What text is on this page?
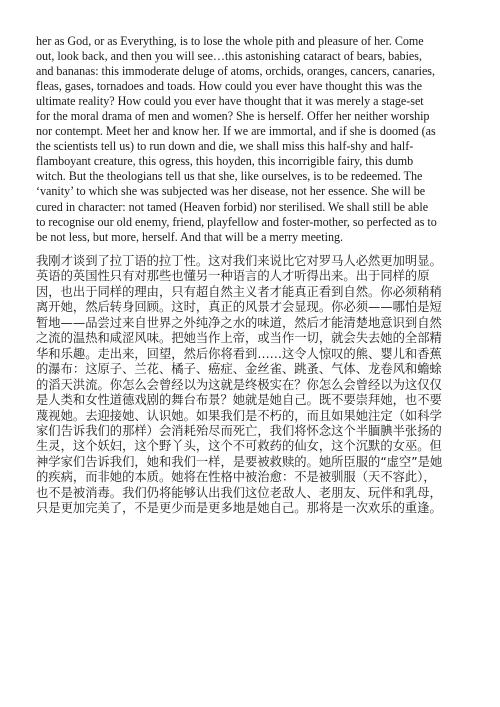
her as God, or as Everything, is to lose the whole pith and pleasure of her. Come
out, look back, and then you will see…this astonishing cataract of bears, babies,
and bananas: this immoderate deluge of atoms, orchids, oranges, cancers, canaries,
fleas, gases, tornadoes and toads. How could you ever have thought this was the
ultimate reality? How could you ever have thought that it was merely a stage-set
for the moral drama of men and women? She is herself. Offer her neither worship
nor contempt. Meet her and know her. If we are immortal, and if she is doomed (as
the scientists tell us) to run down and die, we shall miss this half-shy and half-
flamboyant creature, this ogress, this hoyden, this incorrigible fairy, this dumb
witch. But the theologians tell us that she, like ourselves, is to be redeemed. The
‘vanity’ to which she was subjected was her disease, not her essence. She will be
cured in character: not tamed (Heaven forbid) nor sterilised. We shall still be able
to recognise our old enemy, friend, playfellow and foster-mother, so perfected as to
be not less, but more, herself. And that will be a merry meeting.
我刚才谈到了拉丁语的拉丁性。这对我们来说比它对罗马人必然更加明显。
英语的英国性只有对那些也懂另一种语言的人才听得出来。出于同样的原
因，也出于同样的理由，只有超自然主义者才能真正看到自然。你必须稍稍
离开她，然后转身回顾。这时，真正的风景才会显现。你必须——哪怕是短
暂地——品尝过来自世界之外纯净之水的味道，然后才能清楚地意识到自然
之流的温热和咸涩风味。把她当作上帝，或当作一切，就会失去她的全部精
华和乐趣。走出来，回望，然后你将看到……这令人惊叹的熊、婴儿和香蕉
的瀑布：这原子、兰花、橘子、癌症、金丝雀、跳蚤、气体、龙卷风和蟾蜍
的滔天洪流。你怎么会曾经以为这就是终极实在？你怎么会曾经以为这仅仅
是人类和女性道德戏剧的舞台布景？她就是她自己。既不要崇拜她，也不要
蔑视她。去迎接她、认识她。如果我们是不朽的，而且如果她注定（如科学
家们告诉我们的那样）会消耗殆尽而死亡，我们将怀念这个半腼腆半张扬的
生灵，这个妖妇，这个野丫头，这个不可救药的仙女，这个沉默的女巫。但
神学家们告诉我们，她和我们一样，是要被救赎的。她所臣服的“虚空”是她
的疾病，而非她的本质。她将在性格中被治愈：不是被驯服（天不容此），
也不是被消毒。我们仍将能够认出我们这位老敌人、老朋友、玩伴和乳母，
只是更加完美了，不是更少而是更多地是她自己。那将是一次欢乐的重逢。
